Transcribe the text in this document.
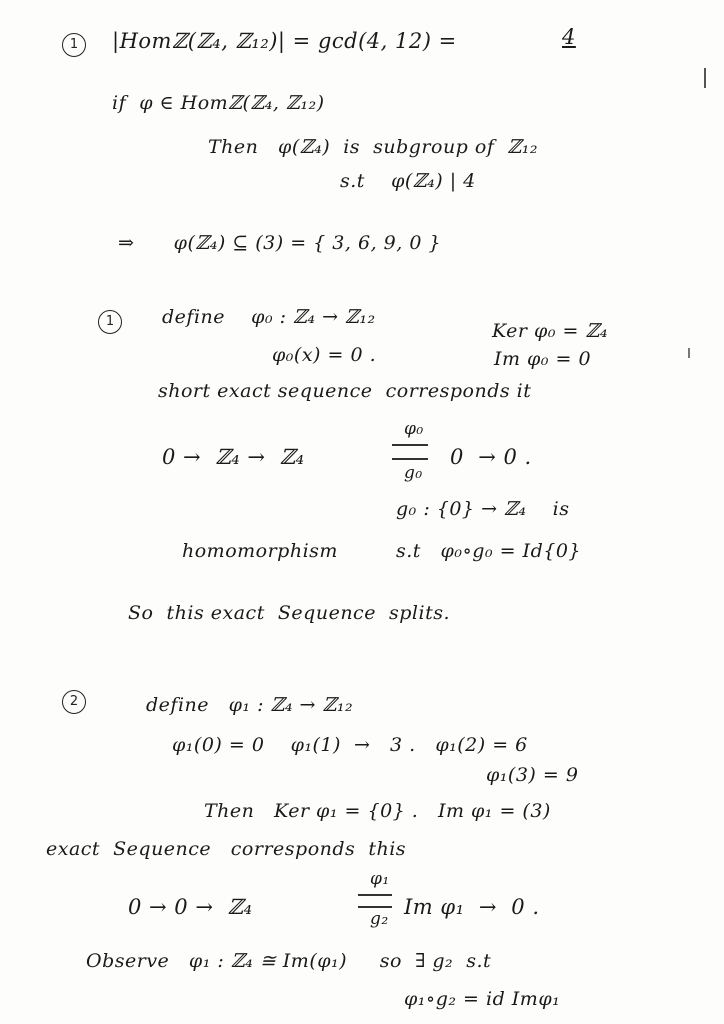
1	|Homℤ(ℤ₄, ℤ₁₂)| = gcd(4, 12) =	4
if  φ ∈ Homℤ(ℤ₄, ℤ₁₂)
Then   φ(ℤ₄)  is  subgroup of  ℤ₁₂
s.t    φ(ℤ₄) | 4
⇒      φ(ℤ₄) ⊆ (3) = { 3, 6, 9, 0 }
1	define    φ₀ : ℤ₄ → ℤ₁₂
Ker φ₀ = ℤ₄
φ₀(x) = 0 .	Im φ₀ = 0
short exact sequence  corresponds it
0 →  ℤ₄ →  ℤ₄
φ₀
g₀
0  → 0 .
g₀ : {0} → ℤ₄    is
homomorphism	s.t   φ₀∘g₀ = Id{0}
So  this exact  Sequence  splits.
2	define   φ₁ : ℤ₄ → ℤ₁₂
φ₁(0) = 0    φ₁(1)  →   3 .   φ₁(2) = 6
φ₁(3) = 9
Then   Ker φ₁ = {0} .   Im φ₁ = (3)
exact  Sequence   corresponds  this
0 → 0 →  ℤ₄
φ₁
g₂ Im φ₁  →  0 .
Observe   φ₁ : ℤ₄ ≅ Im(φ₁)     so  ∃ g₂  s.t
φ₁∘g₂ = id Imφ₁
